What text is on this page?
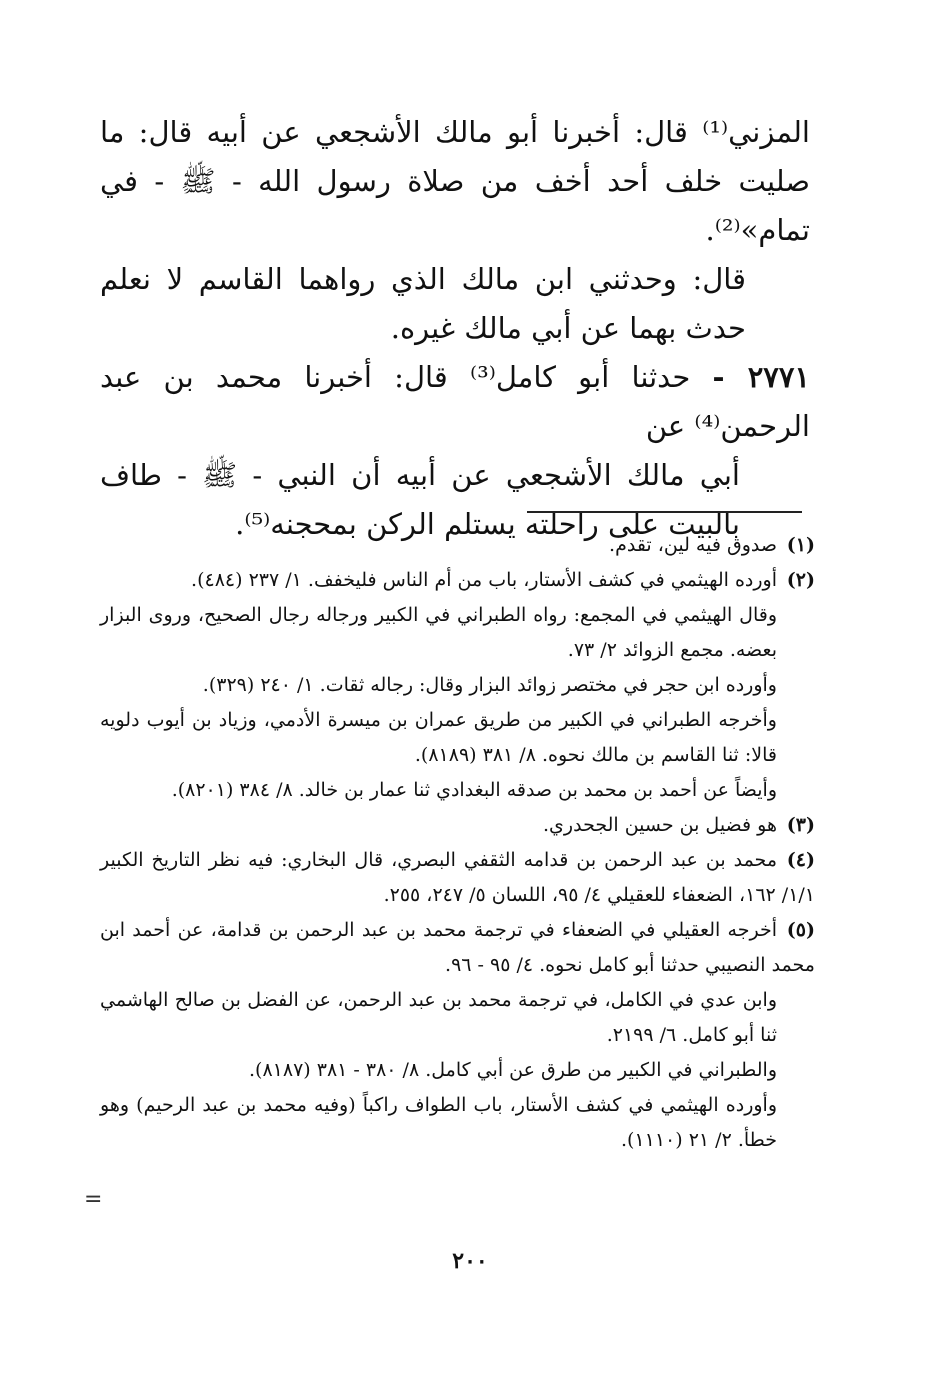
المزني⁽¹⁾ قال: أخبرنا أبو مالك الأشجعي عن أبيه قال: ما صليت خلف أحد أخف من صلاة رسول الله - ﷺ - في تمام»⁽²⁾.

قال: وحدثني ابن مالك الذي رواهما القاسم لا نعلم حدث بهما عن أبي مالك غيره.

٢٧٧١ - حدثنا أبو كامل⁽³⁾ قال: أخبرنا محمد بن عبد الرحمن⁽⁴⁾ عن
أبي مالك الأشجعي عن أبيه أن النبي - ﷺ - طاف بالبيت على راحلته يستلم الركن بمحجنه⁽⁵⁾.

(١)صدوق فيه لين، تقدم.

(٢)أورده الهيثمي في كشف الأستار، باب من أم الناس فليخفف. ١/ ٢٣٧ (٤٨٤).

وقال الهيثمي في المجمع: رواه الطبراني في الكبير ورجاله رجال الصحيح، وروى البزار بعضه. مجمع الزوائد ٢/ ٧٣.

وأورده ابن حجر في مختصر زوائد البزار وقال: رجاله ثقات. ١/ ٢٤٠ (٣٢٩).

وأخرجه الطبراني في الكبير من طريق عمران بن ميسرة الأدمي، وزياد بن أيوب دلويه قالا: ثنا القاسم بن مالك نحوه. ٨/ ٣٨١ (٨١٨٩).

وأيضاً عن أحمد بن محمد بن صدقه البغدادي ثنا عمار بن خالد. ٨/ ٣٨٤ (٨٢٠١).

(٣)هو فضيل بن حسين الجحدري.

(٤)محمد بن عبد الرحمن بن قدامه الثقفي البصري، قال البخاري: فيه نظر التاريخ الكبير ١/١/ ١٦٢، الضعفاء للعقيلي ٤/ ٩٥، اللسان ٥/ ٢٤٧، ٢٥٥.

(٥)أخرجه العقيلي في الضعفاء في ترجمة محمد بن عبد الرحمن بن قدامة، عن أحمد ابن محمد النصيبي حدثنا أبو كامل نحوه. ٤/ ٩٥ - ٩٦.

وابن عدي في الكامل، في ترجمة محمد بن عبد الرحمن، عن الفضل بن صالح الهاشمي ثنا أبو كامل. ٦/ ٢١٩٩.

والطبراني في الكبير من طرق عن أبي كامل. ٨/ ٣٨٠ - ٣٨١ (٨١٨٧).

وأورده الهيثمي في كشف الأستار، باب الطواف راكباً (وفيه محمد بن عبد الرحيم) وهو خطأ. ٢/ ٢١ (١١١٠).

=
٢٠٠
